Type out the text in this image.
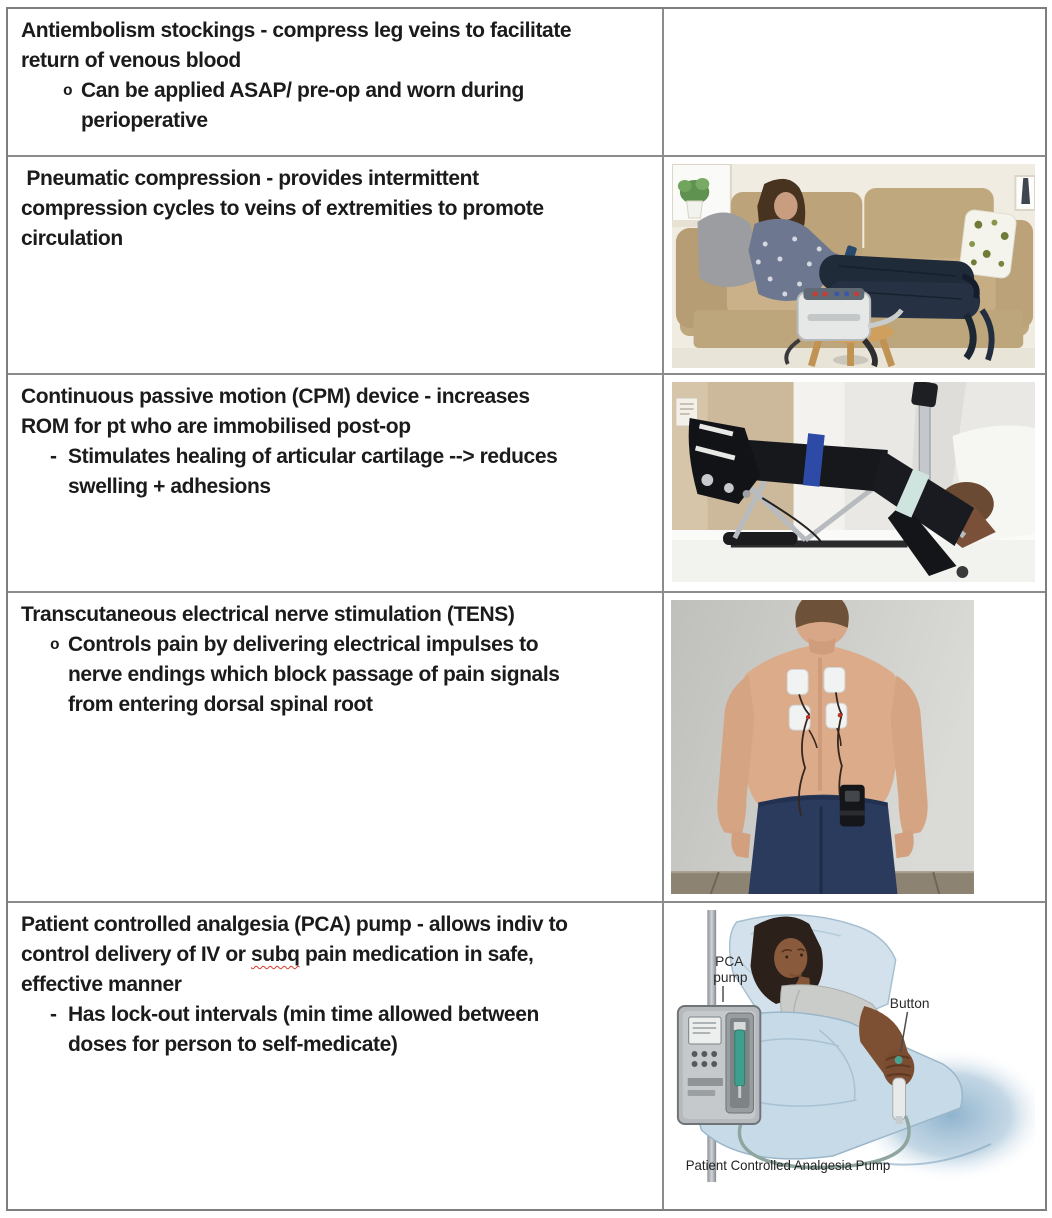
Antiembolism stockings - compress leg veins to facilitate
return of venous blood
o Can be applied ASAP/ pre-op and worn during
perioperative
Pneumatic compression - provides intermittent
compression cycles to veins of extremities to promote
circulation
Continuous passive motion (CPM) device - increases
ROM for pt who are immobilised post-op
- Stimulates healing of articular cartilage --> reduces
swelling + adhesions
Transcutaneous electrical nerve stimulation (TENS)
o Controls pain by delivering electrical impulses to
nerve endings which block passage of pain signals
from entering dorsal spinal root
Patient controlled analgesia (PCA) pump - allows indiv to
control delivery of IV or subq pain medication in safe,
effective manner
- Has lock-out intervals (min time allowed between
doses for person to self-medicate)
PCA
pump
Button
Patient Controlled Analgesia Pump
